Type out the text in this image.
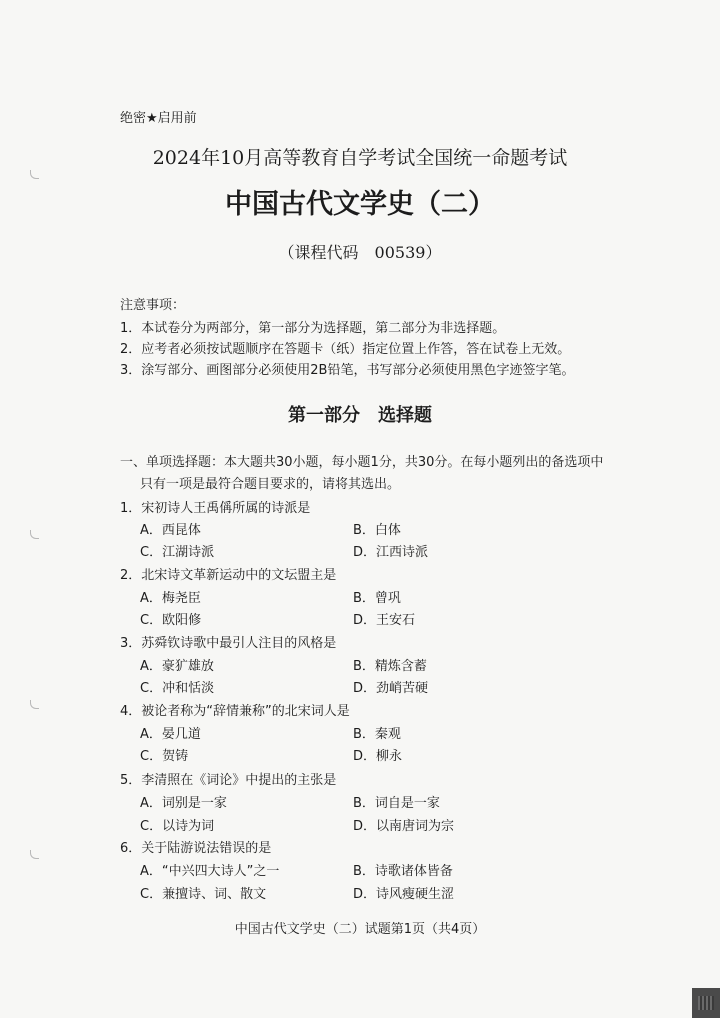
绝密★启用前
2024年10月高等教育自学考试全国统一命题考试
中国古代文学史（二）
（课程代码　00539）
注意事项：
1．本试卷分为两部分，第一部分为选择题，第二部分为非选择题。
2．应考者必须按试题顺序在答题卡（纸）指定位置上作答，答在试卷上无效。
3．涂写部分、画图部分必须使用2B铅笔，书写部分必须使用黑色字迹签字笔。
第一部分　选择题
一、单项选择题：本大题共30小题，每小题1分，共30分。在每小题列出的备选项中
只有一项是最符合题目要求的，请将其选出。
1．宋初诗人王禹偁所属的诗派是
A．西昆体	B．白体
C．江湖诗派	D．江西诗派
2．北宋诗文革新运动中的文坛盟主是
A．梅尧臣	B．曾巩
C．欧阳修	D．王安石
3．苏舜钦诗歌中最引人注目的风格是
A．豪犷雄放	B．精炼含蓄
C．冲和恬淡	D．劲峭苦硬
4．被论者称为“辞情兼称”的北宋词人是
A．晏几道	B．秦观
C．贺铸	D．柳永
5．李清照在《词论》中提出的主张是
A．词别是一家	B．词自是一家
C．以诗为词	D．以南唐词为宗
6．关于陆游说法错误的是
A．“中兴四大诗人”之一	B．诗歌诸体皆备
C．兼擅诗、词、散文	D．诗风瘦硬生涩
中国古代文学史（二）试题第1页（共4页）
